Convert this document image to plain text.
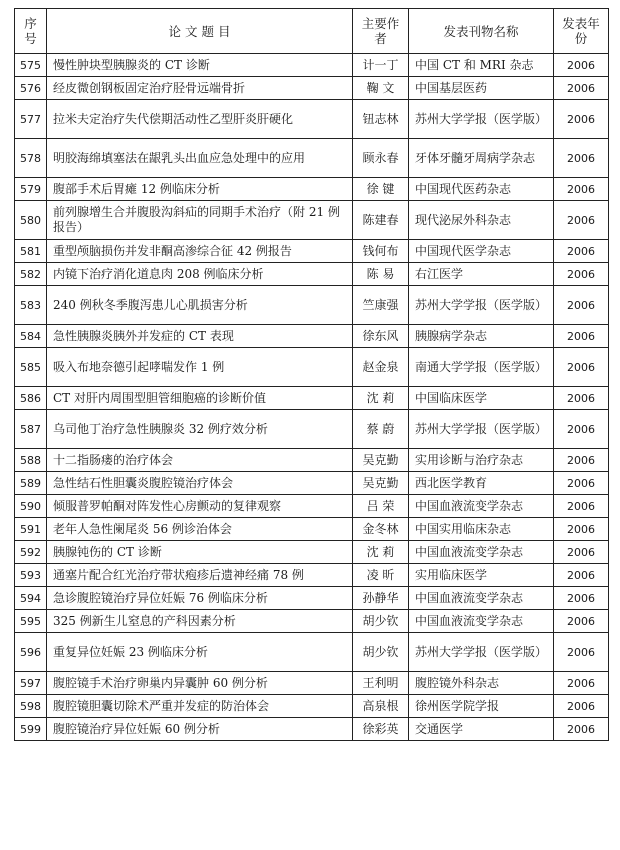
序号	论 文 题 目	主要作者	发表刊物名称	发表年份
575	慢性肿块型胰腺炎的 CT 诊断	计一丁	中国 CT 和 MRI 杂志	2006
576	经皮微创钢板固定治疗胫骨远端骨折	鞠 文	中国基层医药	2006
577	拉米夫定治疗失代偿期活动性乙型肝炎肝硬化	钮志林	苏州大学学报（医学版）	2006
578	明胶海绵填塞法在龈乳头出血应急处理中的应用	顾永春	牙体牙髓牙周病学杂志	2006
579	腹部手术后胃瘫 12 例临床分析	徐 键	中国现代医药杂志	2006
580	前列腺增生合并腹股沟斜疝的同期手术治疗（附 21 例报告）	陈建春	现代泌尿外科杂志	2006
581	重型颅脑损伤并发非酮高渗综合征 42 例报告	钱何布	中国现代医学杂志	2006
582	内镜下治疗消化道息肉 208 例临床分析	陈 易	右江医学	2006
583	240 例秋冬季腹泻患儿心肌损害分析	竺康强	苏州大学学报（医学版）	2006
584	急性胰腺炎胰外并发症的 CT 表现	徐东风	胰腺病学杂志	2006
585	吸入布地奈德引起哮喘发作 1 例	赵金泉	南通大学学报（医学版）	2006
586	CT 对肝内周围型胆管细胞癌的诊断价值	沈 莉	中国临床医学	2006
587	乌司他丁治疗急性胰腺炎 32 例疗效分析	蔡 蔚	苏州大学学报（医学版）	2006
588	十二指肠瘘的治疗体会	吴克勤	实用诊断与治疗杂志	2006
589	急性结石性胆囊炎腹腔镜治疗体会	吴克勤	西北医学教育	2006
590	倾服普罗帕酮对阵发性心房颤动的复律观察	吕 荣	中国血液流变学杂志	2006
591	老年人急性阑尾炎 56 例诊治体会	金冬林	中国实用临床杂志	2006
592	胰腺钝伤的 CT 诊断	沈 莉	中国血液流变学杂志	2006
593	通塞片配合红光治疗带状疱疹后遗神经痛 78 例	凌 昕	实用临床医学	2006
594	急诊腹腔镜治疗异位妊娠 76 例临床分析	孙静华	中国血液流变学杂志	2006
595	325 例新生儿窒息的产科因素分析	胡少钦	中国血液流变学杂志	2006
596	重复异位妊娠 23 例临床分析	胡少钦	苏州大学学报（医学版）	2006
597	腹腔镜手术治疗卵巢内异囊肿 60 例分析	王利明	腹腔镜外科杂志	2006
598	腹腔镜胆囊切除术严重并发症的防治体会	高泉根	徐州医学院学报	2006
599	腹腔镜治疗异位妊娠 60 例分析	徐彩英	交通医学	2006
